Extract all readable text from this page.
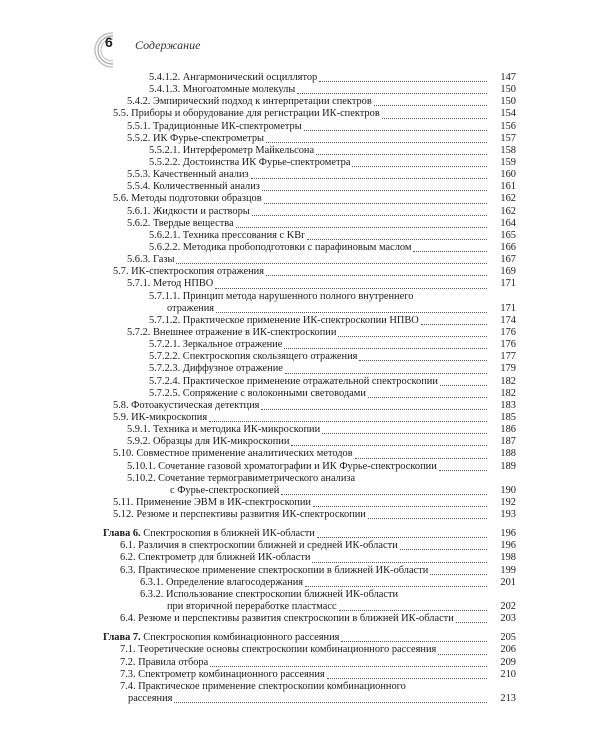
6 Содержание
5.4.1.2. Ангармонический осциллятор	147
5.4.1.3. Многоатомные молекулы	150
5.4.2. Эмпирический подход к интерпретации спектров	150
5.5. Приборы и оборудование для регистрации ИК-спектров	154
5.5.1. Традиционные ИК-спектрометры	156
5.5.2. ИК Фурье-спектрометры	157
5.5.2.1. Интерферометр Майкельсона	158
5.5.2.2. Достоинства ИК Фурье-спектрометра	159
5.5.3. Качественный анализ	160
5.5.4. Количественный анализ	161
5.6. Методы подготовки образцов	162
5.6.1. Жидкости и растворы	162
5.6.2. Твердые вещества	164
5.6.2.1. Техника прессования с KBr	165
5.6.2.2. Методика пробоподготовки с парафиновым маслом	166
5.6.3. Газы	167
5.7. ИК-спектроскопия отражения	169
5.7.1. Метод НПВО	171
5.7.1.1. Принцип метода нарушенного полного внутреннего
отражения	171
5.7.1.2. Практическое применение ИК-спектроскопии НПВО	174
5.7.2. Внешнее отражение в ИК-спектроскопии	176
5.7.2.1. Зеркальное отражение	176
5.7.2.2. Спектроскопия скользящего отражения	177
5.7.2.3. Диффузное отражение	179
5.7.2.4. Практическое применение отражательной спектроскопии	182
5.7.2.5. Сопряжение с волоконными световодами	182
5.8. Фотоакустическая детектция	183
5.9. ИК-микроскопия	185
5.9.1. Техника и методика ИК-микроскопии	186
5.9.2. Образцы для ИК-микроскопии	187
5.10. Совместное применение аналитических методов	188
5.10.1. Сочетание газовой хроматографии и ИК Фурье-спектроскопии	189
5.10.2. Сочетание термогравиметрического анализа
с Фурье-спектроскопией	190
5.11. Применение ЭВМ в ИК-спектроскопии	192
5.12. Резюме и перспективы развития ИК-спектроскопии	193
Глава 6. Спектроскопия в ближней ИК-области	196
6.1. Различия в спектроскопии ближней и средней ИК-области	196
6.2. Спектрометр для ближней ИК-области	198
6.3. Практическое применение спектроскопии в ближней ИК-области	199
6.3.1. Определение влагосодержания	201
6.3.2. Использование спектроскопии ближней ИК-области
при вторичной переработке пластмасс	202
6.4. Резюме и перспективы развития спектроскопии в ближней ИК-области	203
Глава 7. Спектроскопия комбинационного рассеяния	205
7.1. Теоретические основы спектроскопии комбинационного рассеяния	206
7.2. Правила отбора	209
7.3. Спектрометр комбинационного рассеяния	210
7.4. Практическое применение спектроскопии комбинационного
рассеяния	213
